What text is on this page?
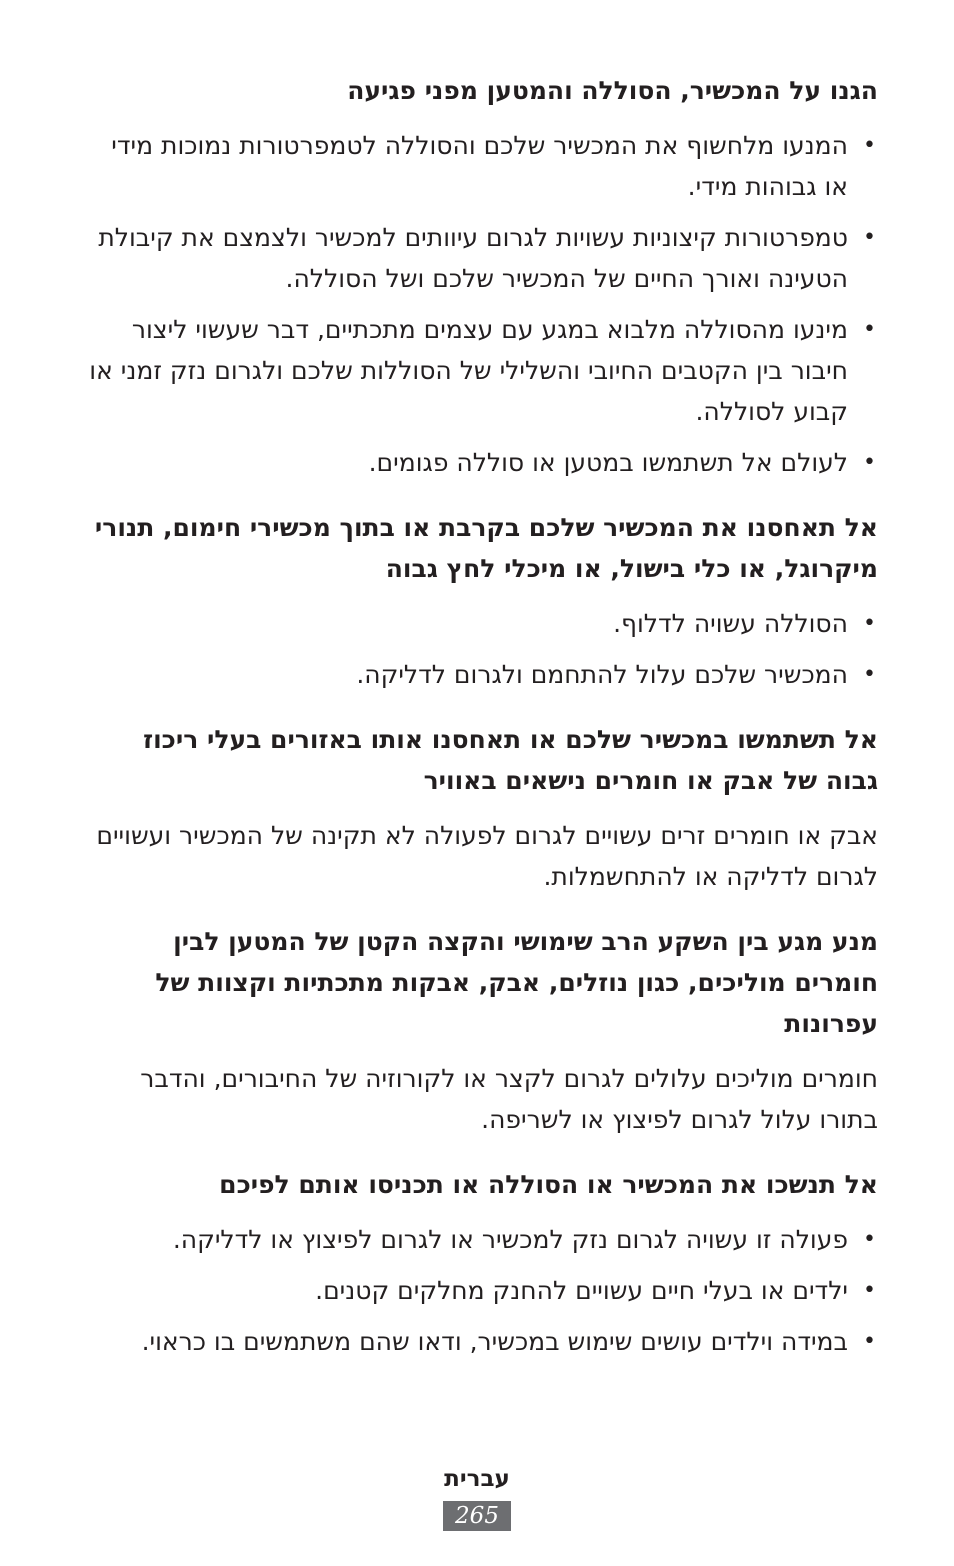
הגנו על המכשיר, הסוללה והמטען מפני פגיעה
•
המנעו מלחשוף את המכשיר שלכם והסוללה לטמפרטורות נמוכות מידי או גבוהות מידי.
•
טמפרטורות קיצוניות עשויות לגרום עיוותים למכשיר ולצמצם את קיבולת הטעינה ואורך החיים של המכשיר שלכם ושל הסוללה.
•
מינעו מהסוללה מלבוא במגע עם עצמים מתכתיים, דבר שעשוי ליצור חיבור בין הקטבים החיובי והשלילי של הסוללות שלכם ולגרום נזק זמני או קבוע לסוללה.
•
לעולם אל תשתמשו במטען או סוללה פגומים.
אל תאחסנו את המכשיר שלכם בקרבת או בתוך מכשירי חימום, תנורי מיקרוגל, או כלי בישול, או מיכלי לחץ גבוה
•
הסוללה עשויה לדלוף.
•
המכשיר שלכם עלול להתחמם ולגרום לדליקה.
אל תשתמשו במכשיר שלכם או תאחסנו אותו באזורים בעלי ריכוז גבוה של אבק או חומרים נישאים באוויר

אבק או חומרים זרים עשויים לגרום לפעולה לא תקינה של המכשיר ועשויים לגרום לדליקה או להתחשמלות.

מנע מגע בין השקע הרב שימושי והקצה הקטן של המטען לבין חומרים מוליכים, כגון נוזלים, אבק, אבקות מתכתיות וקצוות של עפרונות

חומרים מוליכים עלולים לגרום לקצר או לקורוזיה של החיבורים, והדבר בתורו עלול לגרום לפיצוץ או לשריפה.

אל תנשכו את המכשיר או הסוללה או תכניסו אותם לפיכם
•
פעולה זו עשויה לגרום נזק למכשיר או לגרום לפיצוץ או לדליקה.
•
ילדים או בעלי חיים עשויים להחנק מחלקים קטנים.
•
במידה וילדים עושים שימוש במכשיר, ודאו שהם משתמשים בו כראוי.
עברית
265
